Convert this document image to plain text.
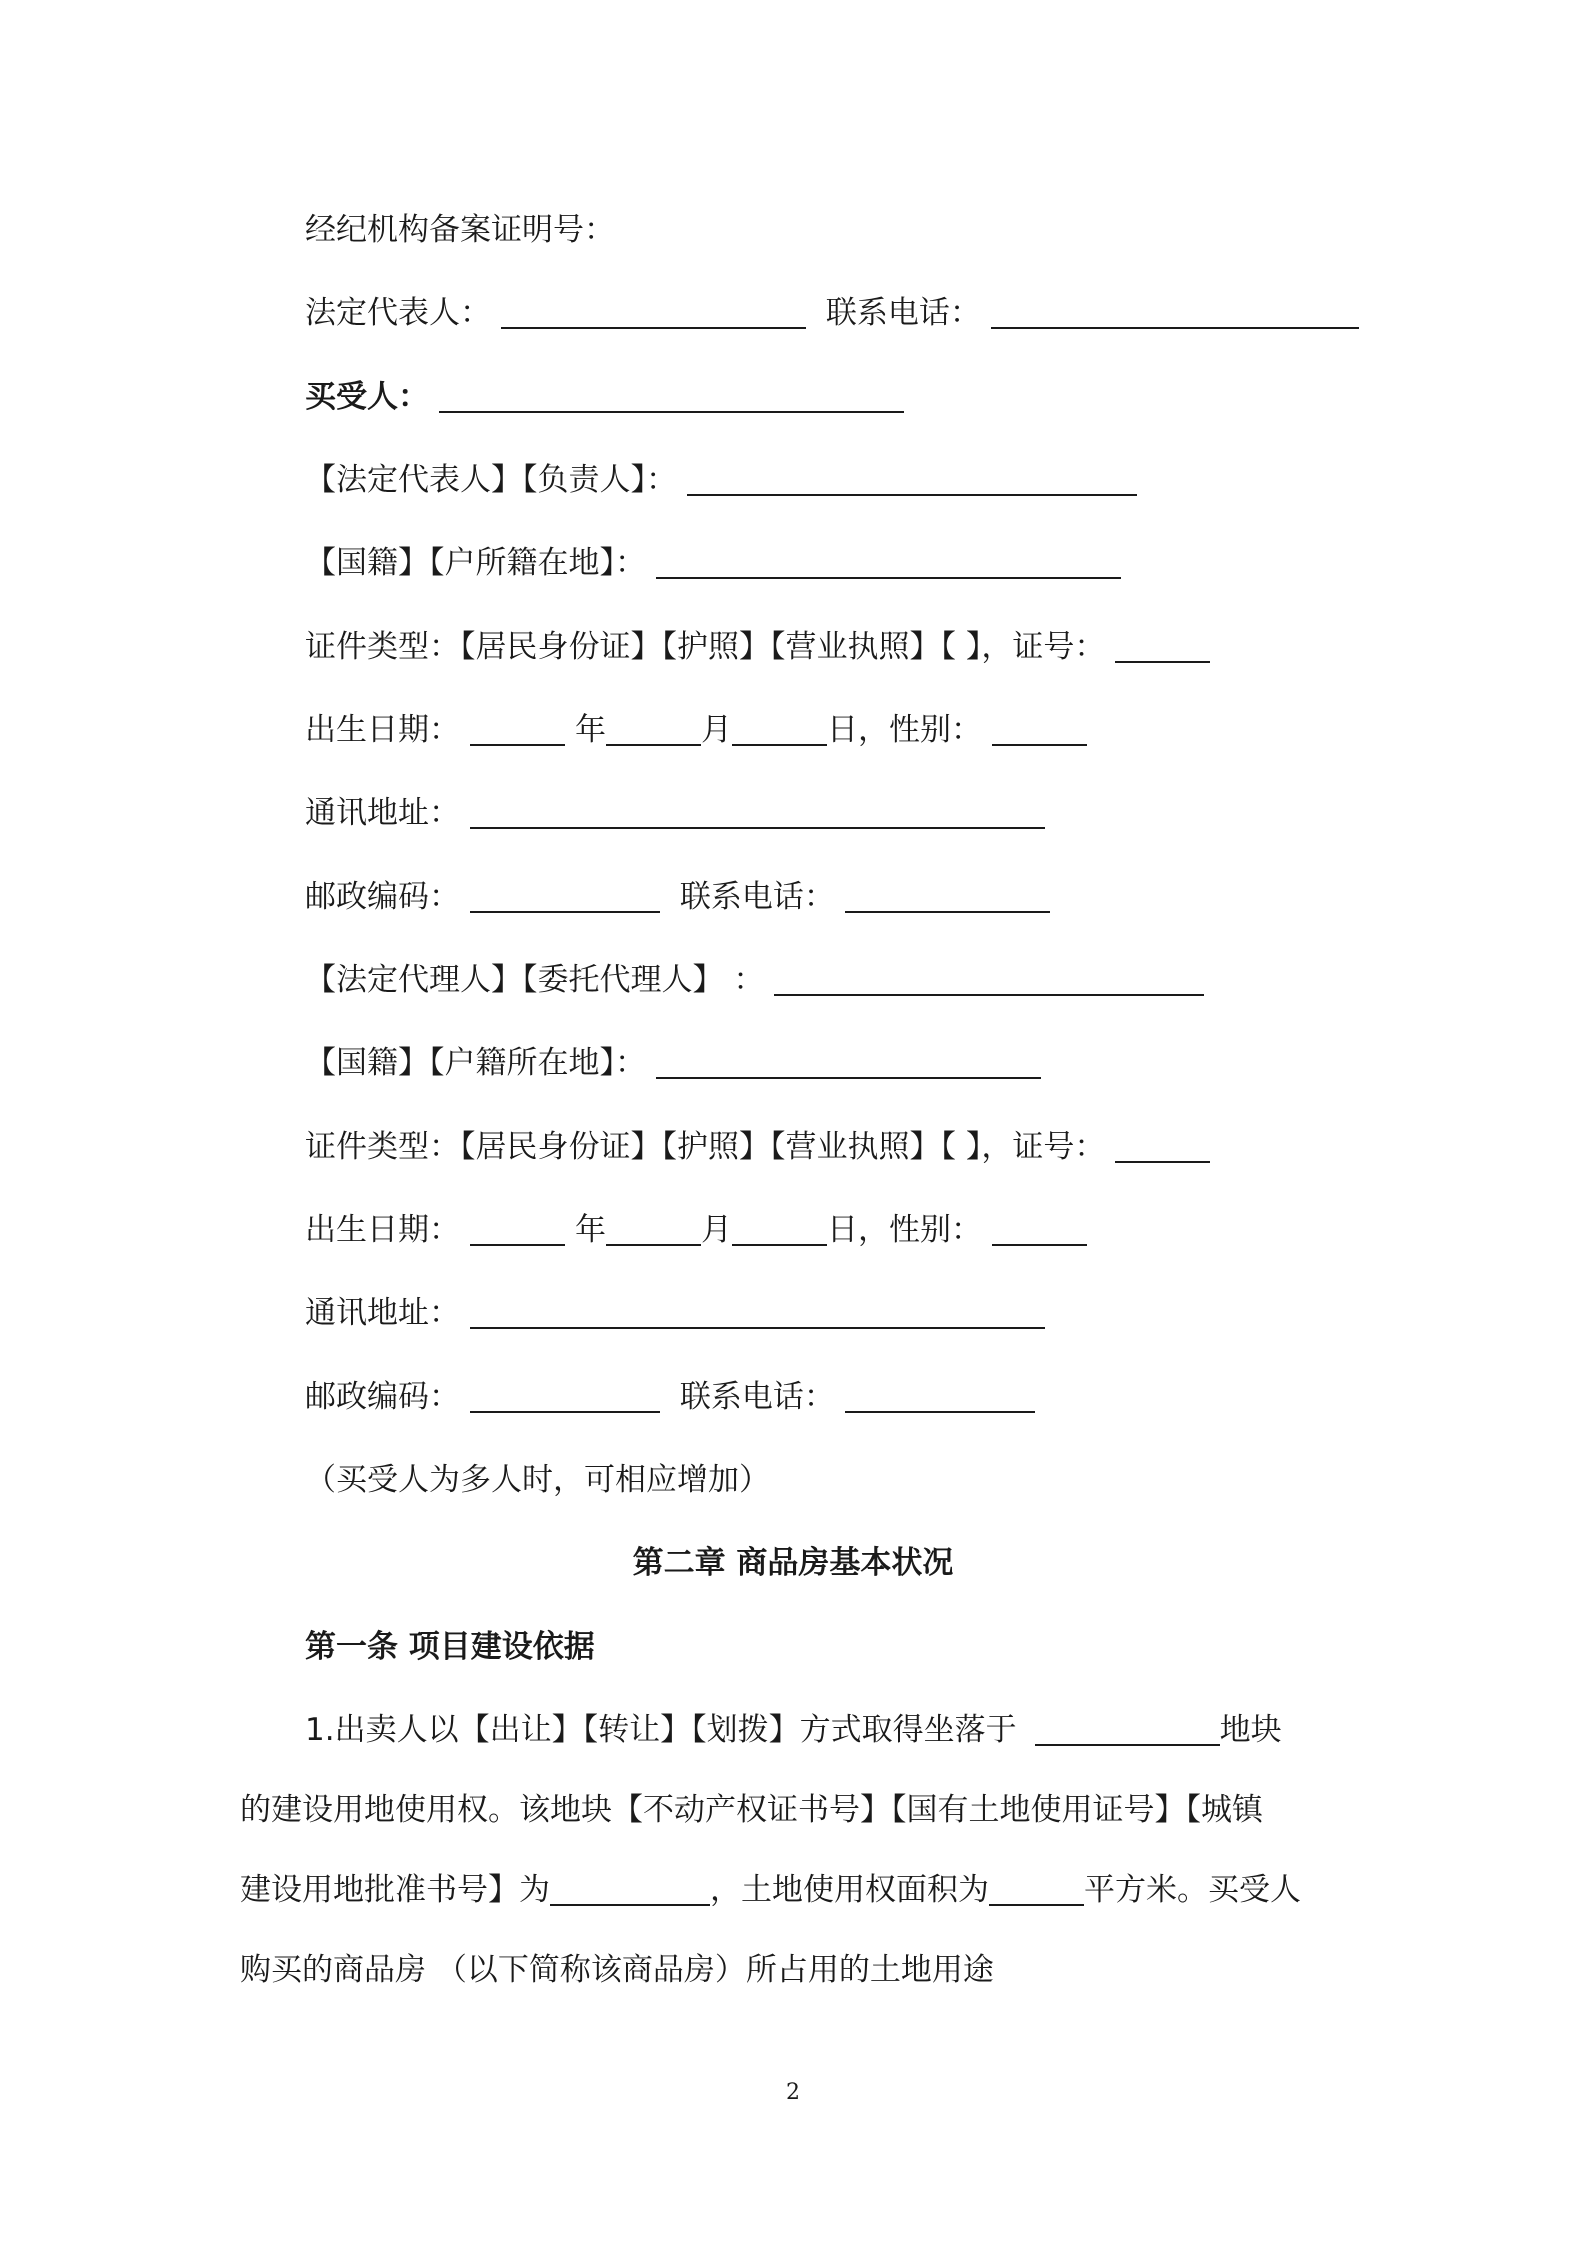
经纪机构备案证明号：
法定代表人：	联系电话：
买受人：
【法定代表人】【负责人】：
【国籍】【户所籍在地】：
证件类型：【居民身份证】【护照】【营业执照】【 】，证号：
出生日期：	年	月	日，性别：
通讯地址：
邮政编码：	联系电话：
【法定代理人】【委托代理人】 ：
【国籍】【户籍所在地】：
证件类型：【居民身份证】【护照】【营业执照】【 】，证号：
出生日期：	年	月	日，性别：
通讯地址：
邮政编码：	联系电话：
（买受人为多人时，可相应增加）
第二章 商品房基本状况
第一条 项目建设依据
1.出卖人以【出让】【转让】【划拨】方式取得坐落于	地块
的建设用地使用权。该地块【不动产权证书号】【国有土地使用证号】【城镇
建设用地批准书号】为	，土地使用权面积为	平方米。买受人
购买的商品房 （以下简称该商品房）所占用的土地用途
2
